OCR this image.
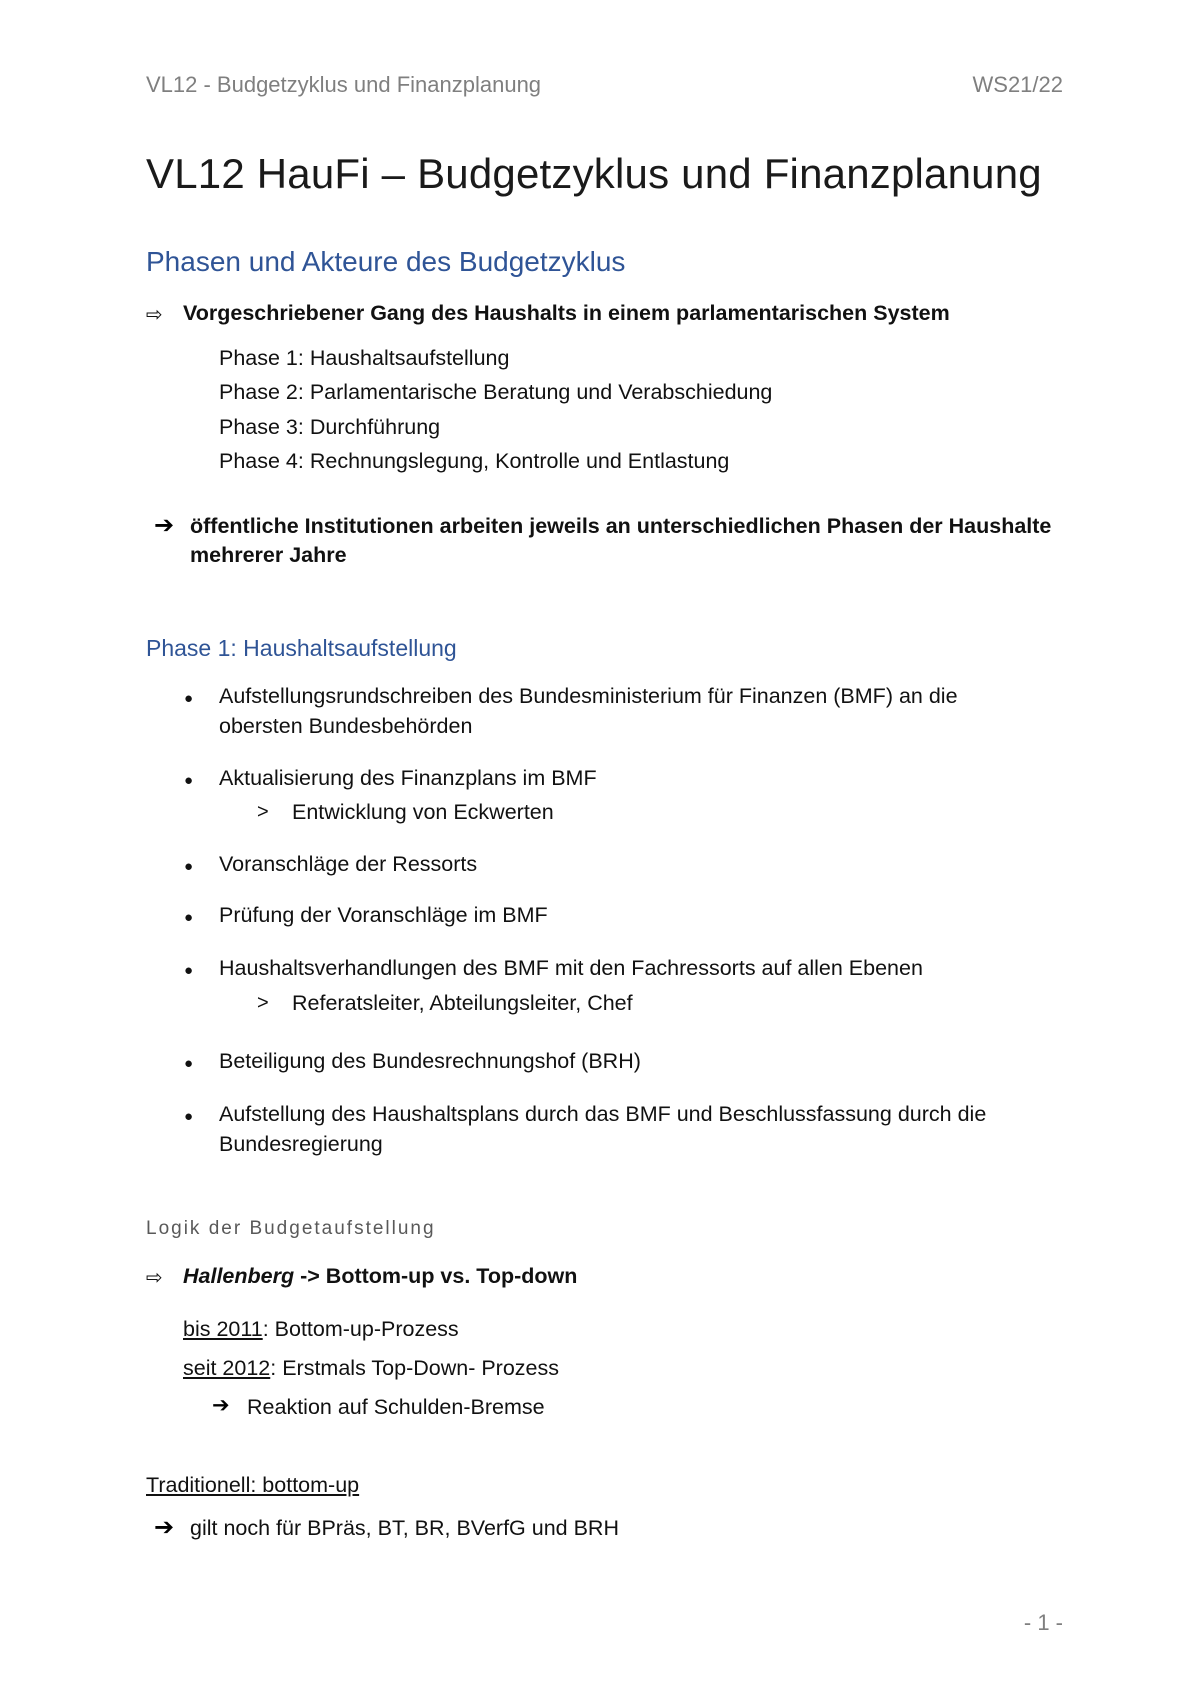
VL12 - Budgetzyklus und Finanzplanung	WS21/22
VL12 HauFi – Budgetzyklus und Finanzplanung
Phasen und Akteure des Budgetzyklus
⇨ Vorgeschriebener Gang des Haushalts in einem parlamentarischen System
Phase 1: Haushaltsaufstellung
Phase 2: Parlamentarische Beratung und Verabschiedung
Phase 3: Durchführung
Phase 4: Rechnungslegung, Kontrolle und Entlastung
➔ öffentliche Institutionen arbeiten jeweils an unterschiedlichen Phasen der Haushalte
mehrerer Jahre
Phase 1: Haushaltsaufstellung
● Aufstellungsrundschreiben des Bundesministerium für Finanzen (BMF) an die
obersten Bundesbehörden
● Aktualisierung des Finanzplans im BMF
> Entwicklung von Eckwerten
● Voranschläge der Ressorts
● Prüfung der Voranschläge im BMF
● Haushaltsverhandlungen des BMF mit den Fachressorts auf allen Ebenen
> Referatsleiter, Abteilungsleiter, Chef
● Beteiligung des Bundesrechnungshof (BRH)
● Aufstellung des Haushaltsplans durch das BMF und Beschlussfassung durch die
Bundesregierung
Logik der Budgetaufstellung
⇨ Hallenberg -> Bottom-up vs. Top-down
bis 2011: Bottom-up-Prozess
seit 2012: Erstmals Top-Down- Prozess
➔ Reaktion auf Schulden-Bremse
Traditionell: bottom-up
➔ gilt noch für BPräs, BT, BR, BVerfG und BRH
- 1 -
